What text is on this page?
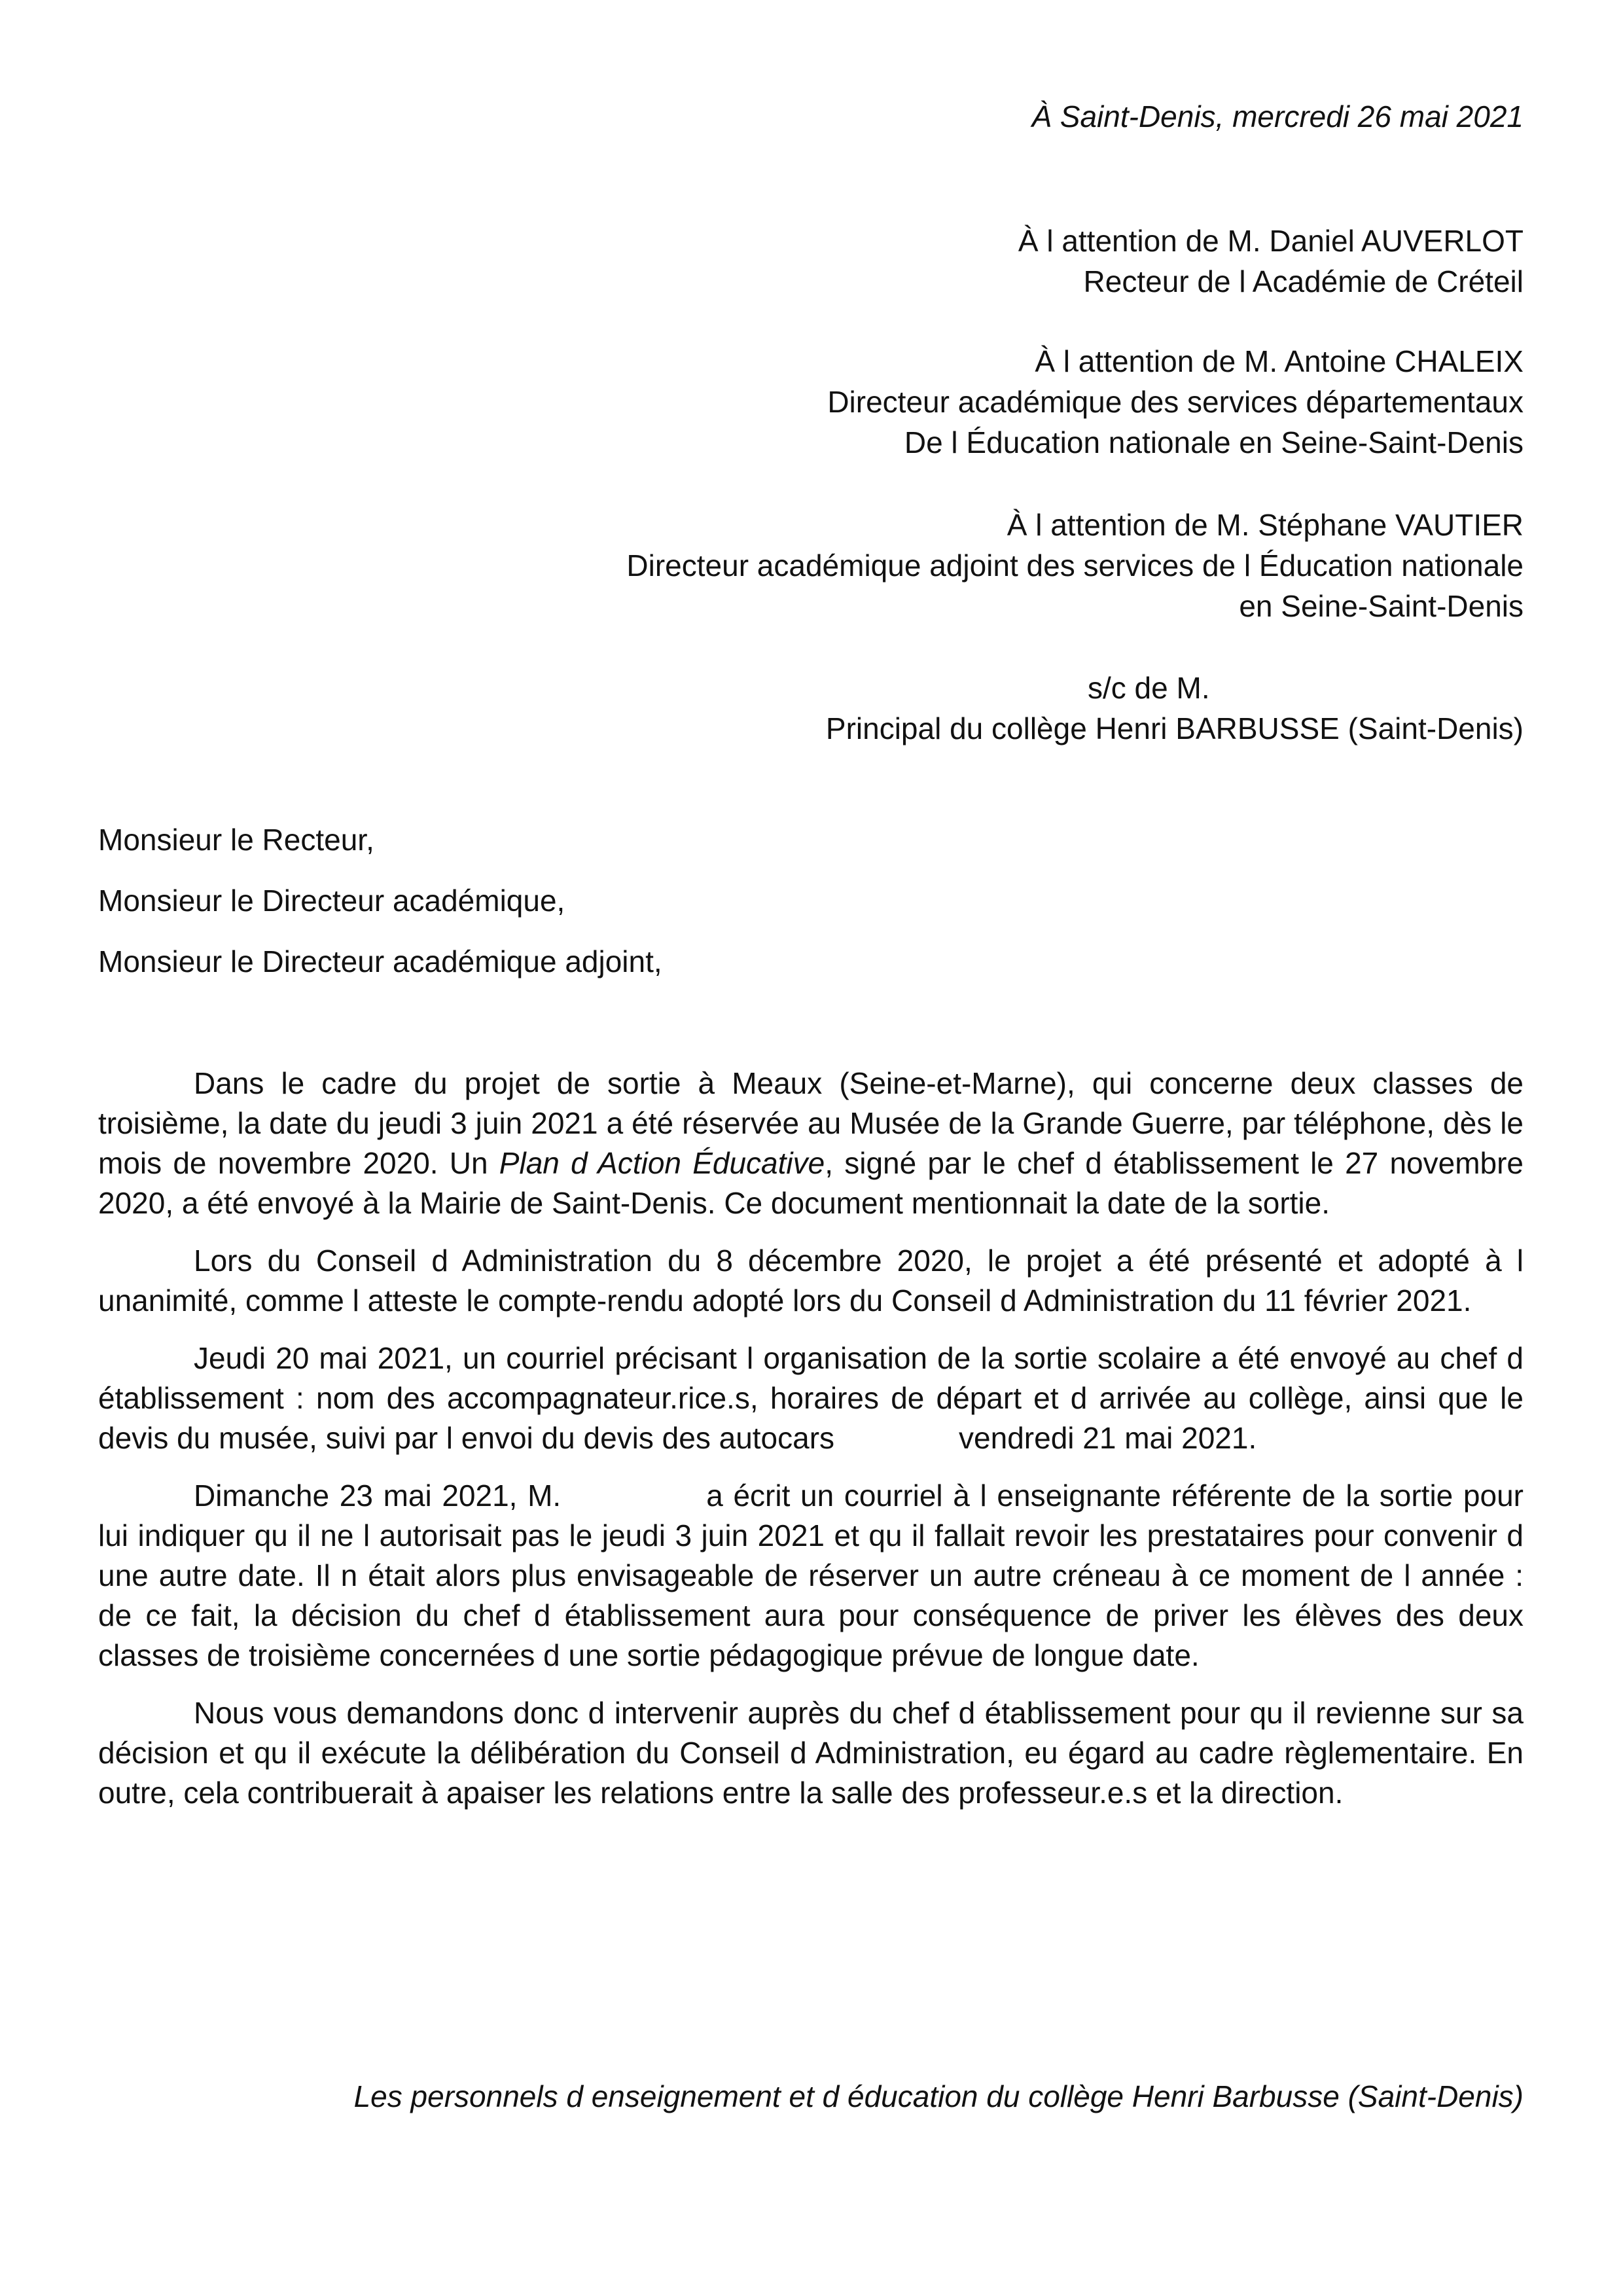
À Saint-Denis, mercredi 26 mai 2021
À l attention de M. Daniel AUVERLOT
Recteur de l Académie de Créteil
À l attention de M. Antoine CHALEIX
Directeur académique des services départementaux
De l Éducation nationale en Seine-Saint-Denis
À l attention de M. Stéphane VAUTIER
Directeur académique adjoint des services de l Éducation nationale
en Seine-Saint-Denis
s/c de M.
Principal du collège Henri BARBUSSE (Saint-Denis)
Monsieur le Recteur,
Monsieur le Directeur académique,
Monsieur le Directeur académique adjoint,

Dans le cadre du projet de sortie à Meaux (Seine-et-Marne), qui concerne deux classes de troisième, la date du jeudi 3 juin 2021 a été réservée au Musée de la Grande Guerre, par téléphone, dès le mois de novembre 2020. Un Plan d Action Éducative, signé par le chef d établissement le 27 novembre 2020, a été envoyé à la Mairie de Saint-Denis. Ce document mentionnait la date de la sortie.

Lors du Conseil d Administration du 8 décembre 2020, le projet a été présenté et adopté à l unanimité, comme l atteste le compte-rendu adopté lors du Conseil d Administration du 11 février 2021.

Jeudi 20 mai 2021, un courriel précisant l organisation de la sortie scolaire a été envoyé au chef d établissement : nom des accompagnateur.rice.s, horaires de départ et d arrivée au collège, ainsi que le devis du musée, suivi par l envoi du devis des autocars	vendredi 21 mai 2021.

Dimanche 23 mai 2021, M.	a écrit un courriel à l enseignante référente de la sortie pour lui indiquer qu il ne l autorisait pas le jeudi 3 juin 2021 et qu il fallait revoir les prestataires pour convenir d une autre date. Il n était alors plus envisageable de réserver un autre créneau à ce moment de l année : de ce fait, la décision du chef d établissement aura pour conséquence de priver les élèves des deux classes de troisième concernées d une sortie pédagogique prévue de longue date.

Nous vous demandons donc d intervenir auprès du chef d établissement pour qu il revienne sur sa décision et qu il exécute la délibération du Conseil d Administration, eu égard au cadre règlementaire. En outre, cela contribuerait à apaiser les relations entre la salle des professeur.e.s et la direction.

Les personnels d enseignement et d éducation du collège Henri Barbusse (Saint-Denis)
